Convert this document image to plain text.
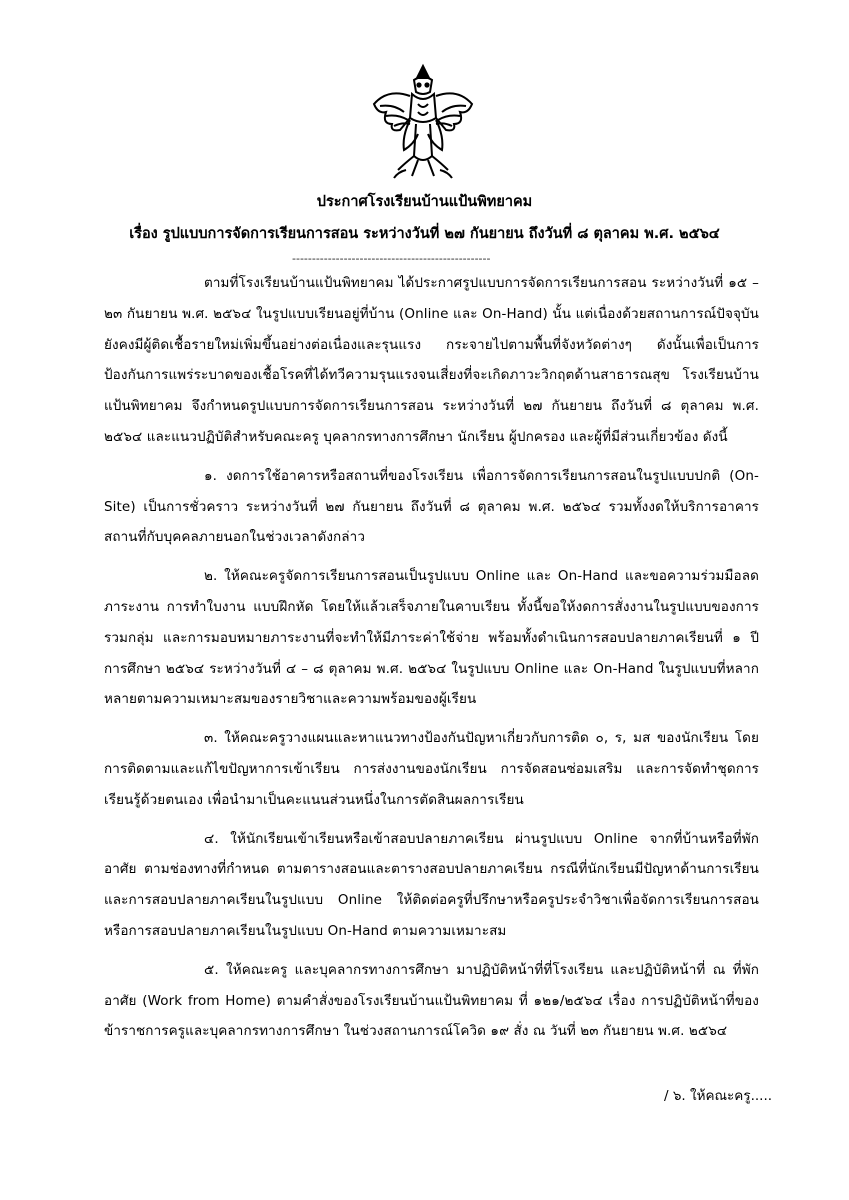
ประกาศโรงเรียนบ้านแป้นพิทยาคม
เรื่อง รูปแบบการจัดการเรียนการสอน ระหว่างวันที่ ๒๗ กันยายน ถึงวันที่ ๘ ตุลาคม พ.ศ. ๒๕๖๔
--------------------------------------------------

ตามที่โรงเรียนบ้านแป้นพิทยาคม ได้ประกาศรูปแบบการจัดการเรียนการสอน ระหว่างวันที่ ๑๕ – ๒๓ กันยายน พ.ศ. ๒๕๖๔ ในรูปแบบเรียนอยู่ที่บ้าน (Online และ On-Hand) นั้น แต่เนื่องด้วยสถานการณ์ปัจจุบันยังคงมีผู้ติดเชื้อรายใหม่เพิ่มขึ้นอย่างต่อเนื่องและรุนแรง กระจายไปตามพื้นที่จังหวัดต่างๆ ดังนั้นเพื่อเป็นการป้องกันการแพร่ระบาดของเชื้อโรคที่ได้ทวีความรุนแรงจนเสี่ยงที่จะเกิดภาวะวิกฤตด้านสาธารณสุข โรงเรียนบ้านแป้นพิทยาคม จึงกำหนดรูปแบบการจัดการเรียนการสอน ระหว่างวันที่ ๒๗ กันยายน ถึงวันที่ ๘ ตุลาคม พ.ศ. ๒๕๖๔ และแนวปฏิบัติสำหรับคณะครู บุคลากรทางการศึกษา นักเรียน ผู้ปกครอง และผู้ที่มีส่วนเกี่ยวข้อง ดังนี้

๑. งดการใช้อาคารหรือสถานที่ของโรงเรียน เพื่อการจัดการเรียนการสอนในรูปแบบปกติ (On-Site) เป็นการชั่วคราว ระหว่างวันที่ ๒๗ กันยายน ถึงวันที่ ๘ ตุลาคม พ.ศ. ๒๕๖๔ รวมทั้งงดให้บริการอาคารสถานที่กับบุคคลภายนอกในช่วงเวลาดังกล่าว

๒. ให้คณะครูจัดการเรียนการสอนเป็นรูปแบบ Online และ On-Hand และขอความร่วมมือลดภาระงาน การทำใบงาน แบบฝึกหัด โดยให้แล้วเสร็จภายในคาบเรียน ทั้งนี้ขอให้งดการสั่งงานในรูปแบบของการรวมกลุ่ม และการมอบหมายภาระงานที่จะทำให้มีภาระค่าใช้จ่าย พร้อมทั้งดำเนินการสอบปลายภาคเรียนที่ ๑ ปีการศึกษา ๒๕๖๔ ระหว่างวันที่ ๔ – ๘ ตุลาคม พ.ศ. ๒๕๖๔ ในรูปแบบ Online และ On-Hand ในรูปแบบที่หลากหลายตามความเหมาะสมของรายวิชาและความพร้อมของผู้เรียน

๓. ให้คณะครูวางแผนและหาแนวทางป้องกันปัญหาเกี่ยวกับการติด ๐, ร, มส ของนักเรียน โดยการติดตามและแก้ไขปัญหาการเข้าเรียน การส่งงานของนักเรียน การจัดสอนซ่อมเสริม และการจัดทำชุดการเรียนรู้ด้วยตนเอง เพื่อนำมาเป็นคะแนนส่วนหนึ่งในการตัดสินผลการเรียน

๔. ให้นักเรียนเข้าเรียนหรือเข้าสอบปลายภาคเรียน ผ่านรูปแบบ Online จากที่บ้านหรือที่พักอาศัย ตามช่องทางที่กำหนด ตามตารางสอนและตารางสอบปลายภาคเรียน กรณีที่นักเรียนมีปัญหาด้านการเรียนและการสอบปลายภาคเรียนในรูปแบบ Online ให้ติดต่อครูที่ปรึกษาหรือครูประจำวิชาเพื่อจัดการเรียนการสอนหรือการสอบปลายภาคเรียนในรูปแบบ On-Hand ตามความเหมาะสม

๕. ให้คณะครู และบุคลากรทางการศึกษา มาปฏิบัติหน้าที่ที่โรงเรียน และปฏิบัติหน้าที่ ณ ที่พักอาศัย (Work from Home) ตามคำสั่งของโรงเรียนบ้านแป้นพิทยาคม ที่ ๑๒๑/๒๕๖๔ เรื่อง การปฏิบัติหน้าที่ของข้าราชการครูและบุคลากรทางการศึกษา ในช่วงสถานการณ์โควิด ๑๙ สั่ง ณ วันที่ ๒๓ กันยายน พ.ศ. ๒๕๖๔

/ ๖. ให้คณะครู.....
